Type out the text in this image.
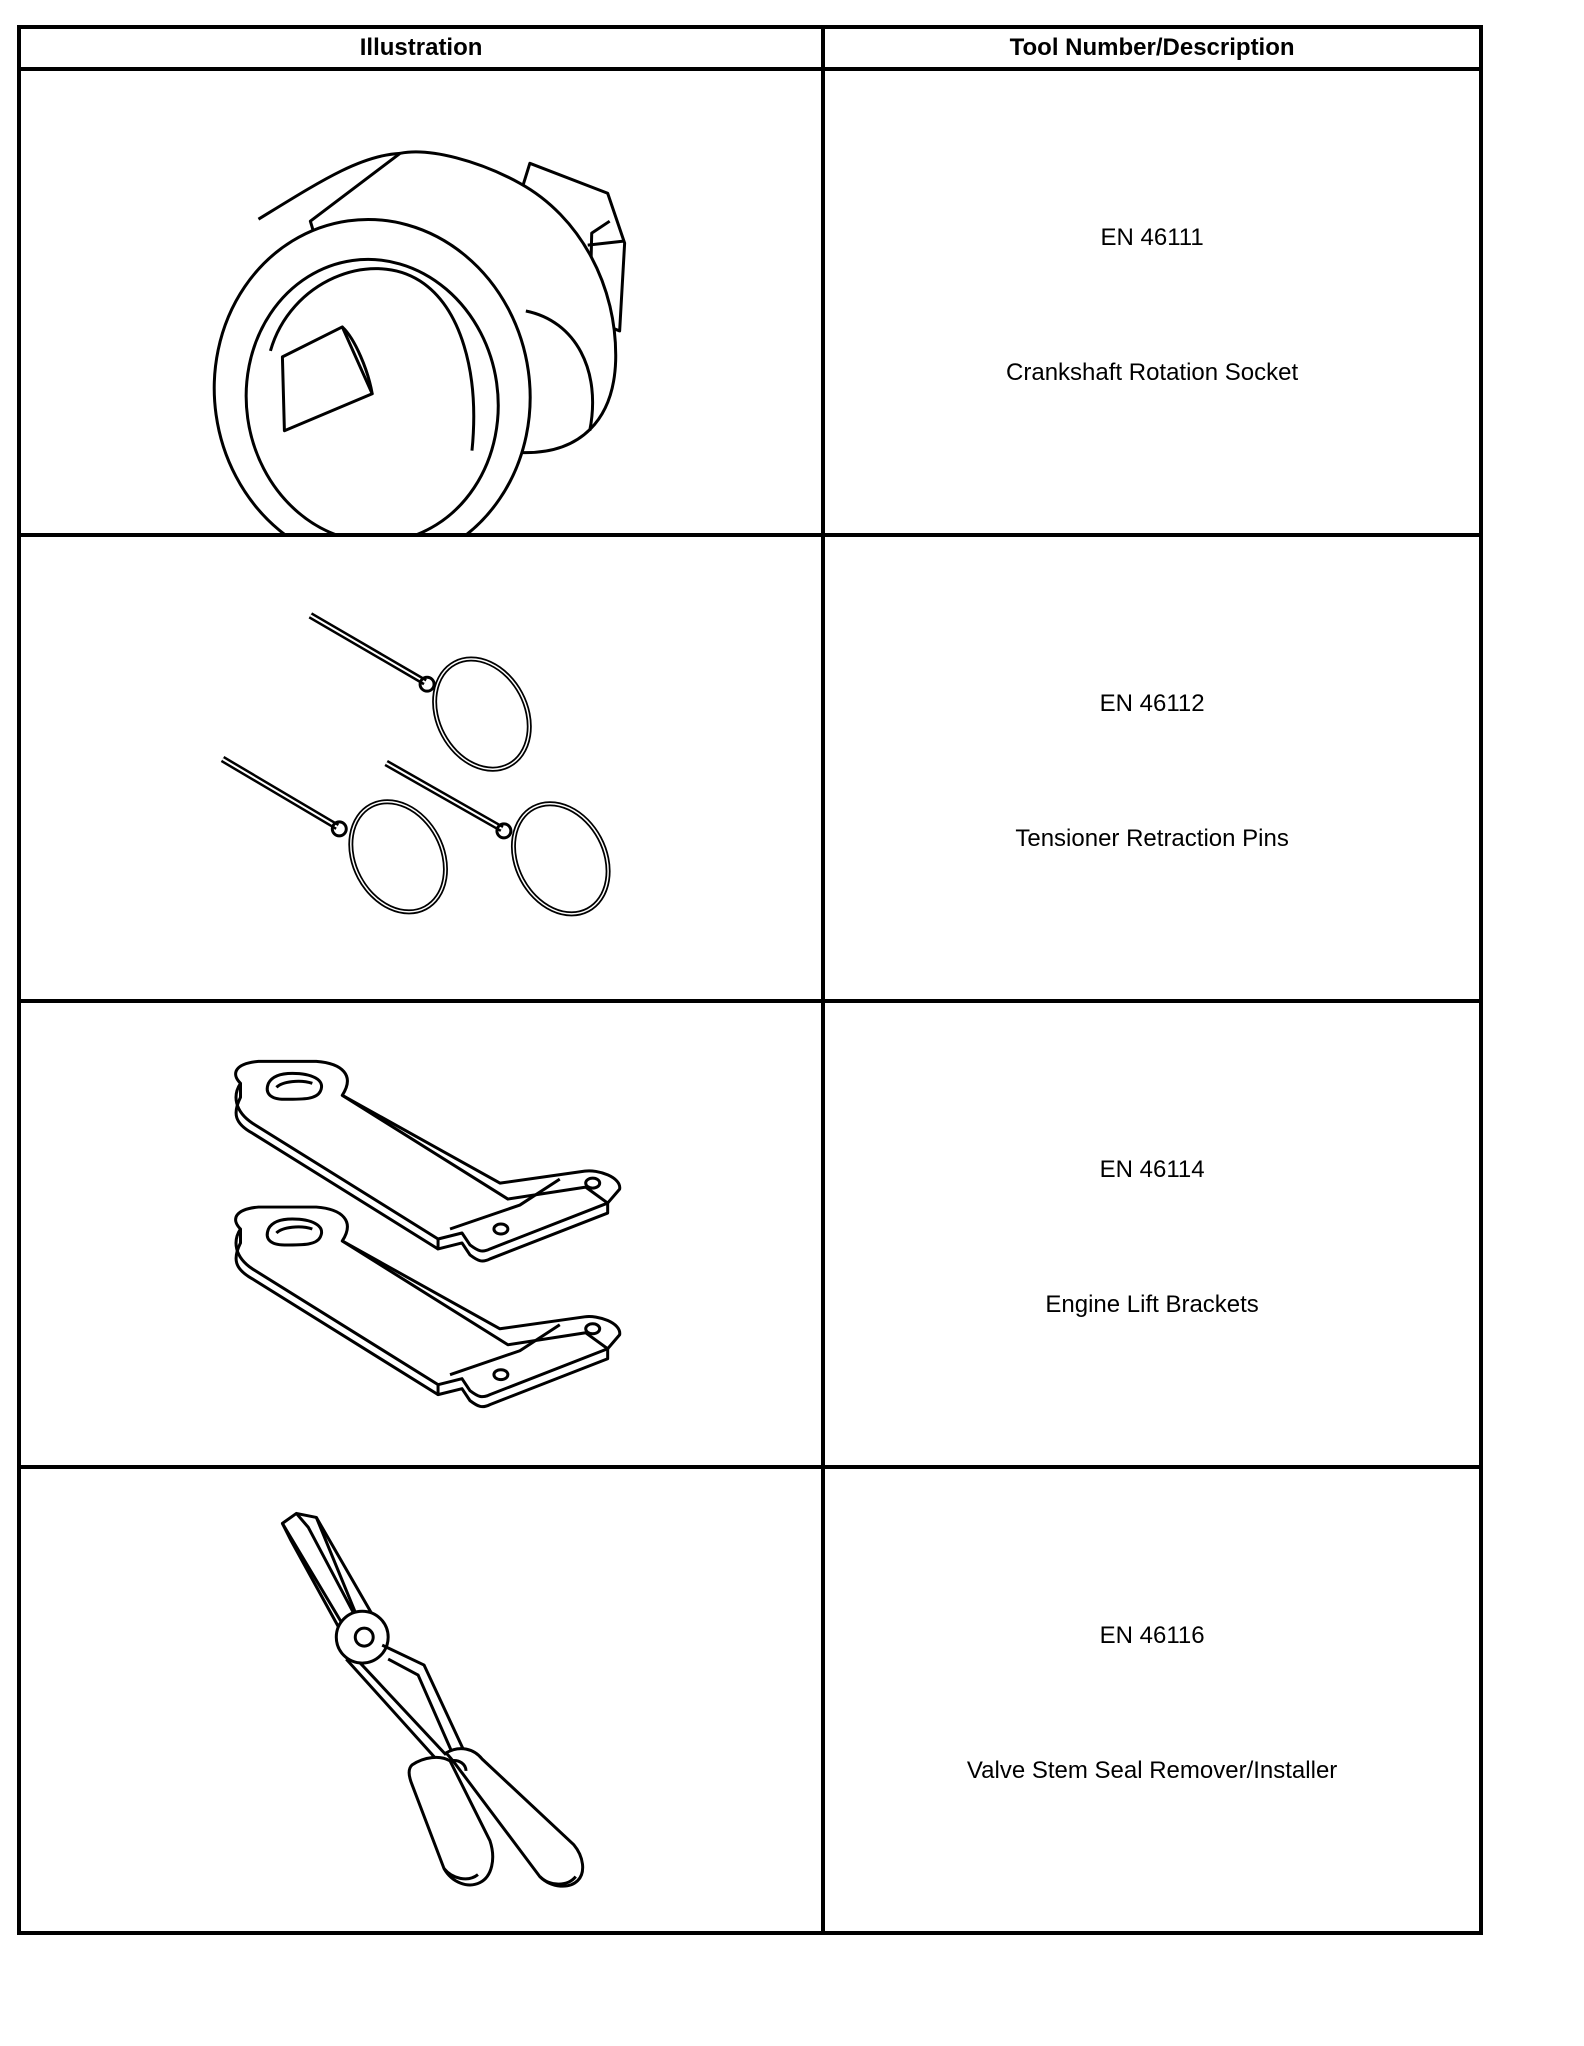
Illustration	Tool Number/Description

EN 46111
Crankshaft Rotation Socket

EN 46112
Tensioner Retraction Pins

EN 46114
Engine Lift Brackets

EN 46116
Valve Stem Seal Remover/Installer
